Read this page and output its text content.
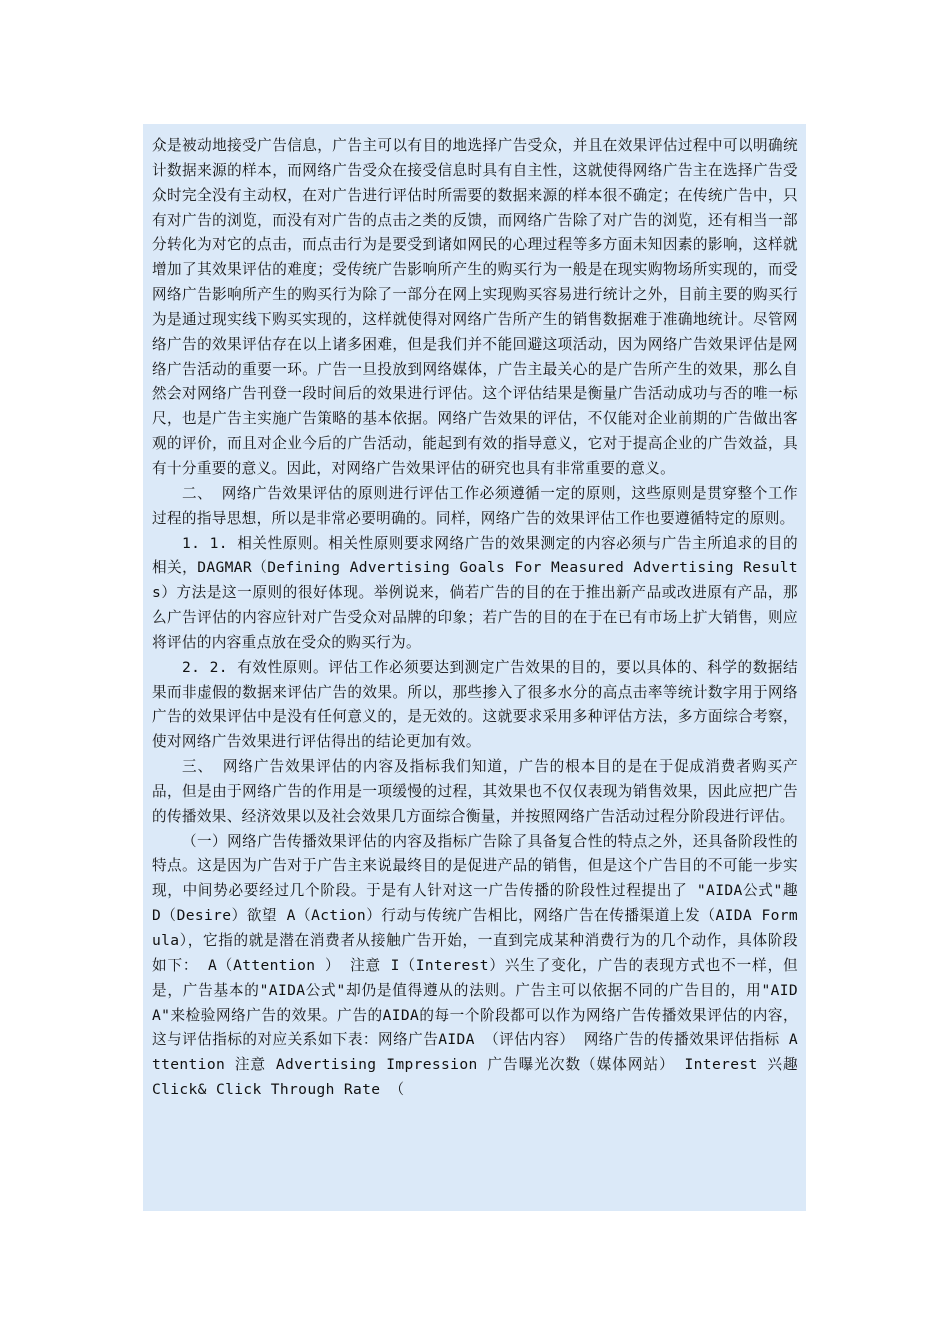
众是被动地接受广告信息，广告主可以有目的地选择广告受众，并且在效果评估过程中可以明确统计数据来源的样本，而网络广告受众在接受信息时具有自主性，这就使得网络广告主在选择广告受众时完全没有主动权，在对广告进行评估时所需要的数据来源的样本很不确定；在传统广告中，只有对广告的浏览，而没有对广告的点击之类的反馈，而网络广告除了对广告的浏览，还有相当一部分转化为对它的点击，而点击行为是要受到诸如网民的心理过程等多方面未知因素的影响，这样就增加了其效果评估的难度；受传统广告影响所产生的购买行为一般是在现实购物场所实现的，而受网络广告影响所产生的购买行为除了一部分在网上实现购买容易进行统计之外，目前主要的购买行为是通过现实线下购买实现的，这样就使得对网络广告所产生的销售数据难于准确地统计。尽管网络广告的效果评估存在以上诸多困难，但是我们并不能回避这项活动，因为网络广告效果评估是网络广告活动的重要一环。广告一旦投放到网络媒体，广告主最关心的是广告所产生的效果，那么自然会对网络广告刊登一段时间后的效果进行评估。这个评估结果是衡量广告活动成功与否的唯一标尺，也是广告主实施广告策略的基本依据。网络广告效果的评估，不仅能对企业前期的广告做出客观的评价，而且对企业今后的广告活动，能起到有效的指导意义，它对于提高企业的广告效益，具有十分重要的意义。因此，对网络广告效果评估的研究也具有非常重要的意义。

二、 网络广告效果评估的原则进行评估工作必须遵循一定的原则，这些原则是贯穿整个工作过程的指导思想，所以是非常必要明确的。同样，网络广告的效果评估工作也要遵循特定的原则。

1. 1. 相关性原则。相关性原则要求网络广告的效果测定的内容必须与广告主所追求的目的相关，DAGMAR（Defining Advertising Goals For Measured Advertising Results）方法是这一原则的很好体现。举例说来，倘若广告的目的在于推出新产品或改进原有产品，那么广告评估的内容应针对广告受众对品牌的印象；若广告的目的在于在已有市场上扩大销售，则应将评估的内容重点放在受众的购买行为。

2. 2. 有效性原则。评估工作必须要达到测定广告效果的目的，要以具体的、科学的数据结果而非虚假的数据来评估广告的效果。所以，那些掺入了很多水分的高点击率等统计数字用于网络广告的效果评估中是没有任何意义的，是无效的。这就要求采用多种评估方法，多方面综合考察，使对网络广告效果进行评估得出的结论更加有效。

三、 网络广告效果评估的内容及指标我们知道，广告的根本目的是在于促成消费者购买产品，但是由于网络广告的作用是一项缓慢的过程，其效果也不仅仅表现为销售效果，因此应把广告的传播效果、经济效果以及社会效果几方面综合衡量，并按照网络广告活动过程分阶段进行评估。

（一）网络广告传播效果评估的内容及指标广告除了具备复合性的特点之外，还具备阶段性的特点。这是因为广告对于广告主来说最终目的是促进产品的销售，但是这个广告目的不可能一步实现，中间势必要经过几个阶段。于是有人针对这一广告传播的阶段性过程提出了 "AIDA公式"趣 D（Desire）欲望 A（Action）行动与传统广告相比，网络广告在传播渠道上发（AIDA Formula），它指的就是潜在消费者从接触广告开始，一直到完成某种消费行为的几个动作，具体阶段如下： A（Attention ） 注意 I（Interest）兴生了变化，广告的表现方式也不一样，但是，广告基本的"AIDA公式"却仍是值得遵从的法则。广告主可以依据不同的广告目的，用"AIDA"来检验网络广告的效果。广告的AIDA的每一个阶段都可以作为网络广告传播效果评估的内容，这与评估指标的对应关系如下表：网络广告AIDA （评估内容） 网络广告的传播效果评估指标 Attention 注意 Advertising Impression 广告曝光次数（媒体网站） Interest 兴趣 Click& Click Through Rate （
